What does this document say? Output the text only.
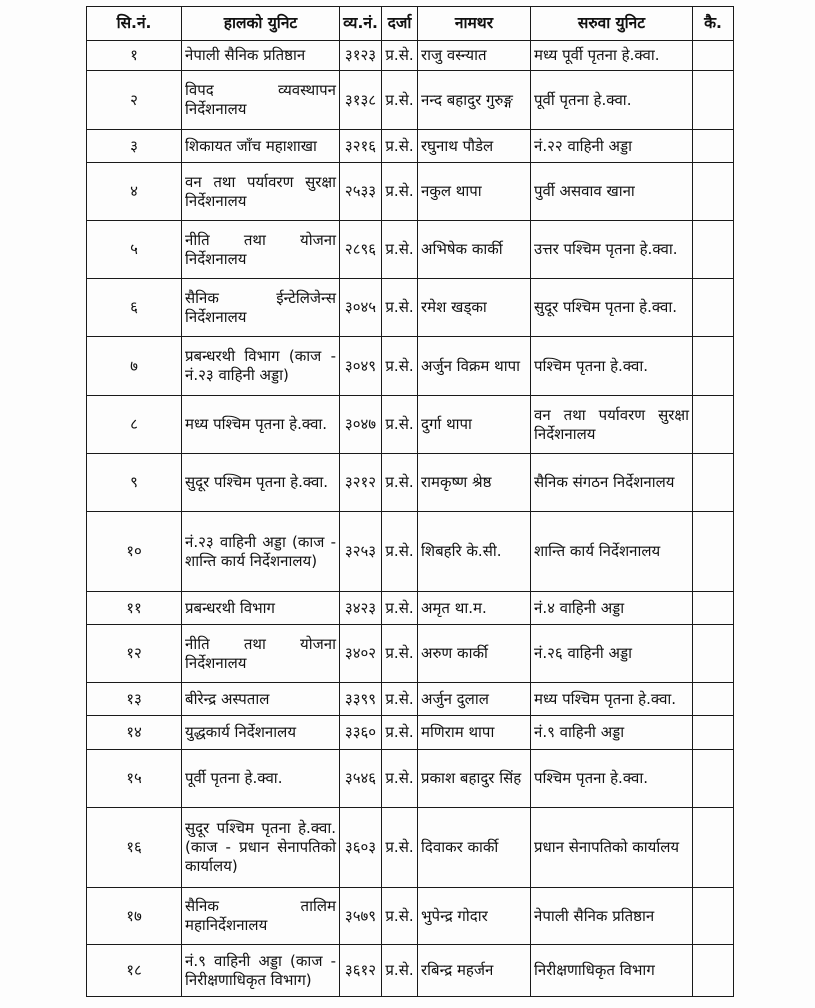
सि.नं.	हालको युनिट	व्य.नं.	दर्जा	नामथर	सरुवा युनिट	कै.
१	नेपाली सैनिक प्रतिष्ठान	३१२३	प्र.से.	राजु वस्न्यात	मध्य पूर्वी पृतना हे.क्वा.	
२	विपद व्यवस्थापन निर्देशनालय	३१३८	प्र.से.	नन्द बहादुर गुरुङ्ग	पूर्वी पृतना हे.क्वा.	
३	शिकायत जाँच महाशाखा	३२१६	प्र.से.	रघुनाथ पौडेल	नं.२२ वाहिनी अड्डा	
४	वन तथा पर्यावरण सुरक्षा निर्देशनालय	२५३३	प्र.से.	नकुल थापा	पुर्वी असवाव खाना	
५	नीति तथा योजना निर्देशनालय	२८९६	प्र.से.	अभिषेक कार्की	उत्तर पश्चिम पृतना हे.क्वा.	
६	सैनिक ईन्टेलिजेन्स निर्देशनालय	३०४५	प्र.से.	रमेश खड्का	सुदूर पश्चिम पृतना हे.क्वा.	
७	प्रबन्धरथी विभाग (काज - नं.२३ वाहिनी अड्डा)	३०४९	प्र.से.	अर्जुन विक्रम थापा	पश्चिम पृतना हे.क्वा.	
८	मध्य पश्चिम पृतना हे.क्वा.	३०४७	प्र.से.	दुर्गा थापा	वन तथा पर्यावरण सुरक्षा निर्देशनालय	
९	सुदूर पश्चिम पृतना हे.क्वा.	३२१२	प्र.से.	रामकृष्ण श्रेष्ठ	सैनिक संगठन निर्देशनालय	
१०	नं.२३ वाहिनी अड्डा (काज - शान्ति कार्य निर्देशनालय)	३२५३	प्र.से.	शिबहरि के.सी.	शान्ति कार्य निर्देशनालय	
११	प्रबन्धरथी विभाग	३४२३	प्र.से.	अमृत था.म.	नं.४ वाहिनी अड्डा	
१२	नीति तथा योजना निर्देशनालय	३४०२	प्र.से.	अरुण कार्की	नं.२६ वाहिनी अड्डा	
१३	बीरेन्द्र अस्पताल	३३९९	प्र.से.	अर्जुन दुलाल	मध्य पश्चिम पृतना हे.क्वा.	
१४	युद्धकार्य निर्देशनालय	३३६०	प्र.से.	मणिराम थापा	नं.९ वाहिनी अड्डा	
१५	पूर्वी पृतना हे.क्वा.	३५४६	प्र.से.	प्रकाश बहादुर सिंह	पश्चिम पृतना हे.क्वा.	
१६	सुदूर पश्चिम पृतना हे.क्वा. (काज - प्रधान सेनापतिको कार्यालय)	३६०३	प्र.से.	दिवाकर कार्की	प्रधान सेनापतिको कार्यालय	
१७	सैनिक तालिम महानिर्देशनालय	३५७९	प्र.से.	भुपेन्द्र गोदार	नेपाली सैनिक प्रतिष्ठान	
१८	नं.९ वाहिनी अड्डा (काज - निरीक्षणाधिकृत विभाग)	३६१२	प्र.से.	रबिन्द्र महर्जन	निरीक्षणाधिकृत विभाग	
